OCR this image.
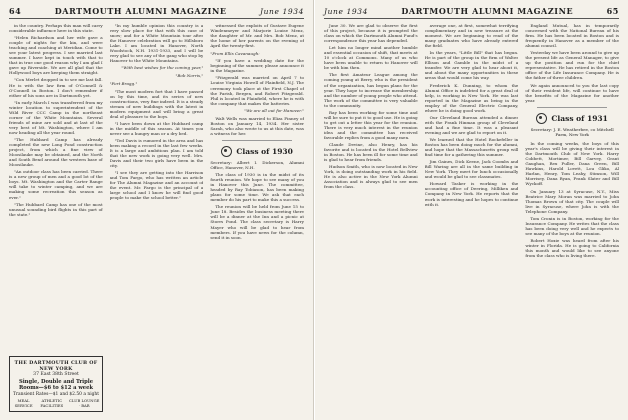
64	DARTMOUTH ALUMNI MAGAZINE	June 1934

in the country. Perhaps this man will carry considerable influence here in this state.

"Helen Richardson and her wife gave a couple of nights for the kin, and were teaching and coaching at Meridian. Come to see your latest progress. I see married last summer. I have kept in touch with that to that in true one good reason why I am glad I gave up Riverside. We are all glad that the Hollywood boys are keeping them straight.

"Con Merlet dropped in to see me last fall. He is with the law firm of O'Connell & O'Connell in Boston. I don't remember if either of his sons are in Dartmouth yet.

"In early March I was transferred from my winter location to superintendent of the Wild River CCC Camp in the northeast corner of the White Mountains. Several friends of mine are sold and at last of the very best of Mt. Washington, where I am now heading all the year round.

"The Hubbard Camp has already completed the new Long Pond construction project, from which a fine view of Moosilauke may be obtained, and the North and South Bend around the western base of Moosilauke.

"An outdoor class has been carried. There is a new group of men and a good lot of the boys. Mt. Washington and the Carter Range will take to winter camping, and we are making some recreation this season as ever."

"The Hubbard Camp has one of the most unusual sounding bird flights in this part of the state."

"In my humble opinion this country is a very slow place for that with this case of snow; and for a White Mountain tour after the Hanover celebration will go to Hillsboro Lake. I am located in Hanover, North Woodstock, N.H. 1931-1933, and I will be very glad to see any of the gang who stop by Hanover to the White Mountains.

"With best wishes for the coming year,"

"Bob Norris,"

"Fort Bragg."

"The most modern fort that I have passed on by this time, and its series of new constructions, very fine indeed. It is a steady stream of new buildings with the latest in modern equipment and will bring a great deal of pleasure to the boys.

"I have been down at the Hubbard camp in the middle of this season. At times you never see a hungry man or a dry bed.

"Ted Davis is rumored in the area and has been making a record in the last few weeks. It is a large and ambitious plan. I am told that the new work is going very well. Mrs. Davis and their two girls have been in the city.

"I see they are getting into the Harrison and Tom Fargo, who has written an article for The Alumni Magazine and an account of the event. Mr. Fargo is the principal of a large school and I know he will find good people to make the school better."

witnessed the exploits of Gustave Eugene Windenmeyer and Marjorie Louise Menz, the daughter of Mr. and Mrs. Bob Menz, at the home of her parents on the evening of April the twenty-first.

"From Ellis Cavanaugh:

"If you have a wedding date for the beginning of the summer, please announce it in the Magazine.

"Fitzgerald was married on April 7 to Louise Virginia Howell of Plainfield, N.J. The ceremony took place at the First Chapel of the Parish, Bergen, and Robert Fitzgerald. Phil is located in Plainfield, where he is with the company that makes the batteries.

"We are all out for Hanover."

Walt Wells was married to Eliza Finney of Boston on January 14, 1934. Her sister Sarah, who also wrote to us at this date, was a witness for her.

Class of 1930

Secretary: Albert I. Dickerson, Alumni Office, Hanover, N.H.

The class of 1930 is in the midst of its fourth reunion. We hope to see many of you in Hanover this June. The committee, headed by Ray Tobiason, has been making plans for some time. We ask that each member do his part to make this a success.

The reunion will be held from June 15 to June 18. Besides the business meeting there will be a dinner at the Inn and a picnic at Storrs Pond. The class secretary is Harry Mayer who will be glad to hear from members. If you have news for the column, send it in soon.

THE DARTMOUTH CLUB OF NEW YORK
37 East 38th Street
Single, Double and Triple Rooms—$6 to $12 a week
Transient Rates—$1 and $2.50 a night
MEAL SERVICE
ATHLETIC FACILITIES
CLUB LOUNGE · BAR
June 1934	DARTMOUTH ALUMNI MAGAZINE	65

June 30. We are glad to observe the first of this project, because it is prompted the class on which the Dartmouth Alumni Fund's correspondence this year has depended.

Let him no longer mind another humble and essential occasion of shift, that meets at 10 o'clock at Commons. Many of us who have been unable to return to Hanover will be with him then.

The first Amateur League among the coming young at Berry, who is the president of the organization, has begun plans for the year. They hope to increase the membership and the number of young people who attend. The work of the committee is very valuable to the community.

Ray has been working for some time and will be sure to put it to good use. He is going to get out a letter this year for the reunion. There is very much interest in the reunion idea and the committee has received favorable replies from a good many men.

Claude Devine, also Henry, has his favorite and is located in the Hotel Bellview in Boston. He has been ill for some time and is glad to hear from friends.

Hudson Smith, who is now located in New York, is doing outstanding work in his field. He is also active in the New York Alumni Association and is always glad to see men from the class.

average one, at first, somewhat terrifying complimentary and in new treasure at the moment. We are beginning to read of the many graduates who have already entered the field.

In the years, "Little Bill" that has begun. He is part of the group in the firm of Walter Ellison and Gamble in the midst of a transfer. We are very glad to hear about it, and about the many opportunities in these areas that would come his way.

Frederick K. Dunning, to whom the Alumni Office is indebted for a great deal of help, is working in New York. He was last reported in the Magazine as being in the employ of the General Electric Company, where he is doing good work.

Our Cleveland Bureau attended a dinner with the Frank Hinman group of Cleveland and had a fine time. It was a pleasant evening and we are glad to report on it.

We learned that the Hotel Rockefeller in Boston has been doing much for the alumni, and hope that the Massachusetts group will find time for a gathering this summer.

Jim Gaines, Dick Keene, Jack Coombs and Bill Waring are all in the same building in New York. They meet for lunch occasionally and would be glad to see classmates.

Howard Tasker is working in the accounting office of Deering, Milliken and Company in New York. He reports that the work is interesting and he hopes to continue with it.

England Mutual, has in temporarily concerned with the National Bureau of his firm. He has been located in Boston and is frequently in Hanover as a member of the alumni council.

Yesterday we have been around to give up the present life as General Manager, to give up the position and run for the chief representative. He has retired in the Boston office of the Life Insurance Company. He is the father of three children.

We again announced to you the last copy of their resident life, will continue to have the benefits of the Magazine for another year.

Class of 1931
Secretary: J. E. Weatherbee, co Mitchell Farm, New York

In the coming weeks, the boys of this year's class will be giving their interest in the Dartmouth Club of New York. Harry Cobbett, Mortimer, Bill Garvey, Grant Gaughan, Rex Fuller, Dana Green, Bill Hawkins, Harold Lovett, Lou Gliko, Al Harlan, Henry, Tom Leahy, Stimson, Will Morrisey, Dana Ryan, Frank Slater and Bill Wyckoff.

On January 13 at Syracuse, N.Y., Miss Beatrice Mary Moran was married to John Thomas Brown of that city. The couple will live in Syracuse, where John is with the Telephone Company.

Tom Cronin is in Boston, working for the Insurance Company. He writes that the class has been doing very well and he expects to see many of the boys at the reunion.

Robert Hoxie was heard from after his winter in Florida. He is going to California this month and would like to see anyone from the class who is living there.
